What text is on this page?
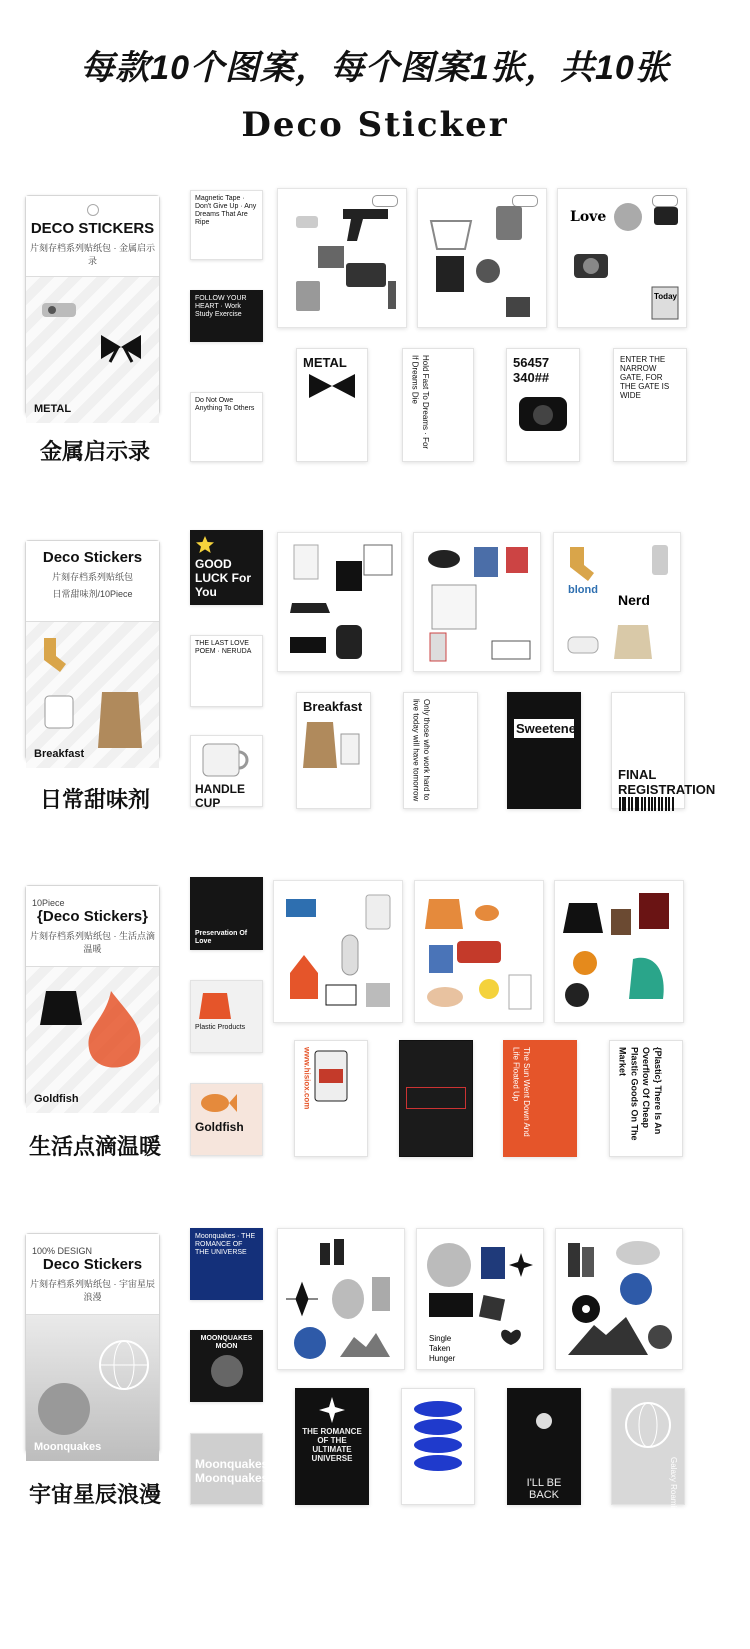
每款10个图案，每个图案1张，共10张
Deco Sticker
DECO STICKERS
片刻存档系列贴纸包 · 金属启示录
METAL
金属启示录
Magnetic Tape · Don't Give Up · Any Dreams That Are Ripe
FOLLOW YOUR HEART · Work Study Exercise
Do Not Owe Anything To Others
Love
Today
METAL	Hold Fast To Dreams · For If Dreams Die	56457 340##
ENTER THE NARROW GATE, FOR THE GATE IS WIDE
Deco Stickers
片刻存档系列贴纸包
日常甜味剂/10Piece
Breakfast
日常甜味剂
GOOD LUCK For You
THE LAST LOVE POEM · NERUDA
HANDLE CUP
blond
Nerd
Breakfast	Only those who work hard to live today will have tomorrow	Sweetener
FINAL REGISTRATION
10Piece
{Deco Stickers}
片刻存档系列贴纸包 · 生活点滴温暖
Goldfish
生活点滴温暖
Preservation Of Love
Plastic Products
Goldfish
www.hisiox.com	The Sun Went Down And Life Floated Up	{Plastic} There Is An Overflow Of Cheap Plastic Goods On The Market
100% DESIGN
Deco Stickers
片刻存档系列贴纸包 · 宇宙星辰浪漫
Moonquakes
宇宙星辰浪漫
Moonquakes · THE ROMANCE OF THE UNIVERSE
MOONQUAKES MOON
Moonquakes Moonquakes
Single
Taken
Hunger
THE ROMANCE OF THE ULTIMATE UNIVERSE
I'LL BE BACK	Galaxy Roaming
